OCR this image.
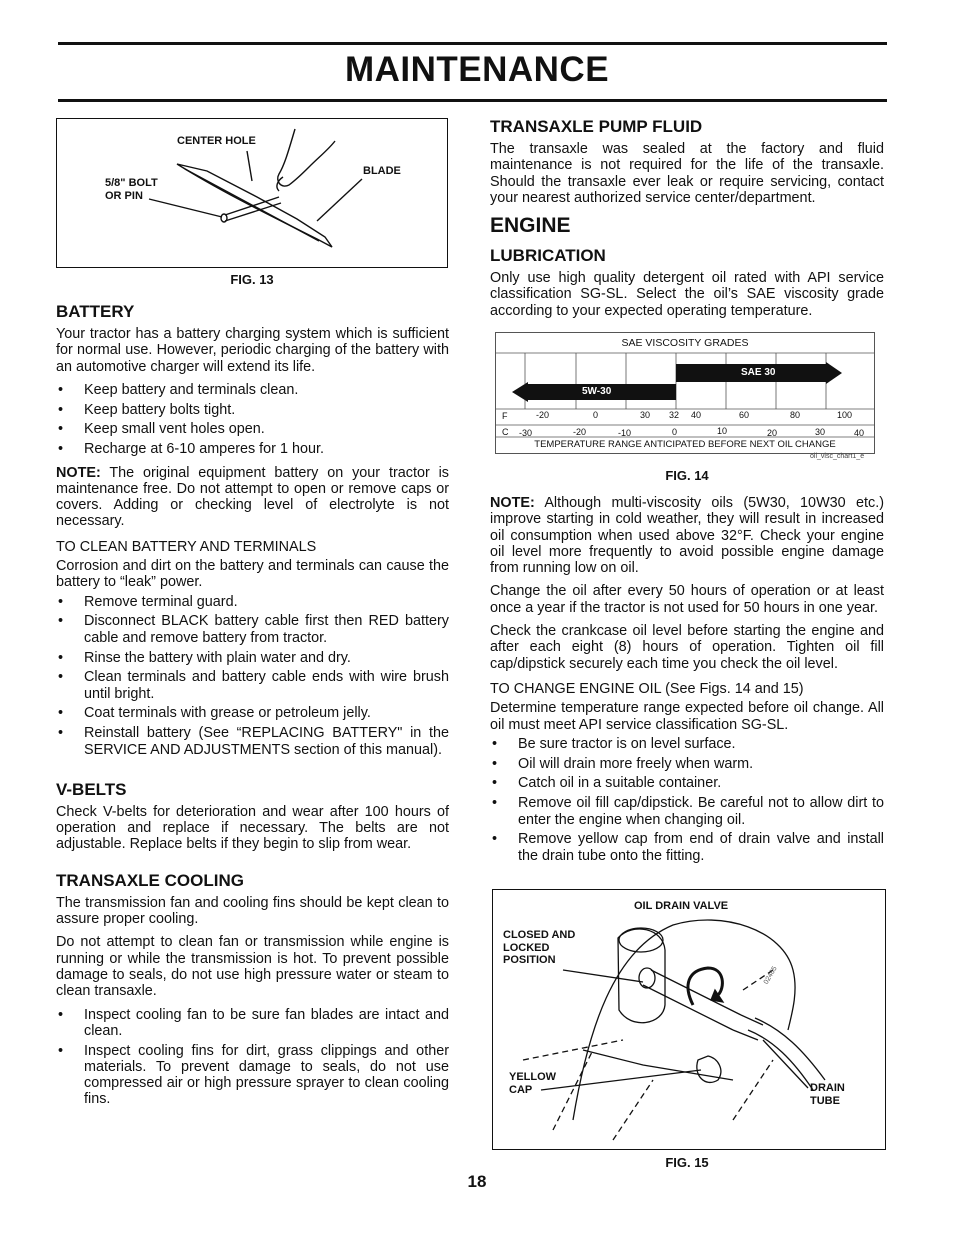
MAINTENANCE
CENTER HOLE
BLADE
5/8" BOLT
OR PIN
FIG. 13
BATTERY

Your tractor has a battery charging system which is sufficient for normal use. However, periodic charging of the battery with an automotive charger will extend its life.

• Keep battery and terminals clean.
• Keep battery bolts tight.
• Keep small vent holes open.
• Recharge at 6-10 amperes for 1 hour.

NOTE: The original equipment battery on your tractor is maintenance free. Do not attempt to open or remove caps or covers. Adding or checking level of electrolyte is not necessary.

TO CLEAN BATTERY AND TERMINALS

Corrosion and dirt on the battery and terminals can cause the battery to “leak” power.

• Remove terminal guard.
• Disconnect BLACK battery cable first then RED battery cable and remove battery from tractor.
• Rinse the battery with plain water and dry.
• Clean terminals and battery cable ends with wire brush until bright.
• Coat terminals with grease or petroleum jelly.
• Reinstall battery (See “REPLACING BATTERY" in the SERVICE AND ADJUSTMENTS section of this manual).
V-BELTS

Check V-belts for deterioration and wear after 100 hours of operation and replace if necessary. The belts are not adjustable. Replace belts if they begin to slip from wear.

TRANSAXLE COOLING

The transmission fan and cooling fins should be kept clean to assure proper cooling.

Do not attempt to clean fan or transmission while engine is running or while the transmission is hot. To prevent possible damage to seals, do not use high pressure water or steam to clean transaxle.

• Inspect cooling fan to be sure fan blades are intact and clean.
• Inspect cooling fins for dirt, grass clippings and other materials. To prevent damage to seals, do not use compressed air or high pressure sprayer to clean cooling fins.
TRANSAXLE PUMP FLUID

The transaxle was sealed at the factory and fluid maintenance is not required for the life of the transaxle. Should the transaxle ever leak or require servicing, contact your nearest authorized service center/department.

ENGINE
LUBRICATION

Only use high quality detergent oil rated with API service classification SG-SL. Select the oil’s SAE viscosity grade according to your expected operating temperature.

SAE VISCOSITY GRADES
5W-30
SAE 30
F
C
-20	0	30 32 40	60	80	100
-30	-20	-10	0	10	20	30	40
TEMPERATURE RANGE ANTICIPATED BEFORE NEXT OIL CHANGE
oil_visc_chart1_e
FIG. 14

NOTE: Although multi-viscosity oils (5W30, 10W30 etc.) improve starting in cold weather, they will result in increased oil consumption when used above 32°F. Check your engine oil level more frequently to avoid possible engine damage from running low on oil.

Change the oil after every 50 hours of operation or at least once a year if the tractor is not used for 50 hours in one year.

Check the crankcase oil level before starting the engine and after each eight (8) hours of operation. Tighten oil fill cap/dipstick securely each time you check the oil level.

TO CHANGE ENGINE OIL (See Figs. 14 and 15)

Determine temperature range expected before oil change. All oil must meet API service classification SG-SL.

• Be sure tractor is on level surface.
• Oil will drain more freely when warm.
• Catch oil in a suitable container.
• Remove oil fill cap/dipstick. Be careful not to allow dirt to enter the engine when changing oil.
• Remove yellow cap from end of drain valve and install the drain tube onto the fitting.
OIL DRAIN VALVE
CLOSED AND
LOCKED
POSITION
YELLOW
CAP	DRAIN
TUBE
02465
FIG. 15
18
